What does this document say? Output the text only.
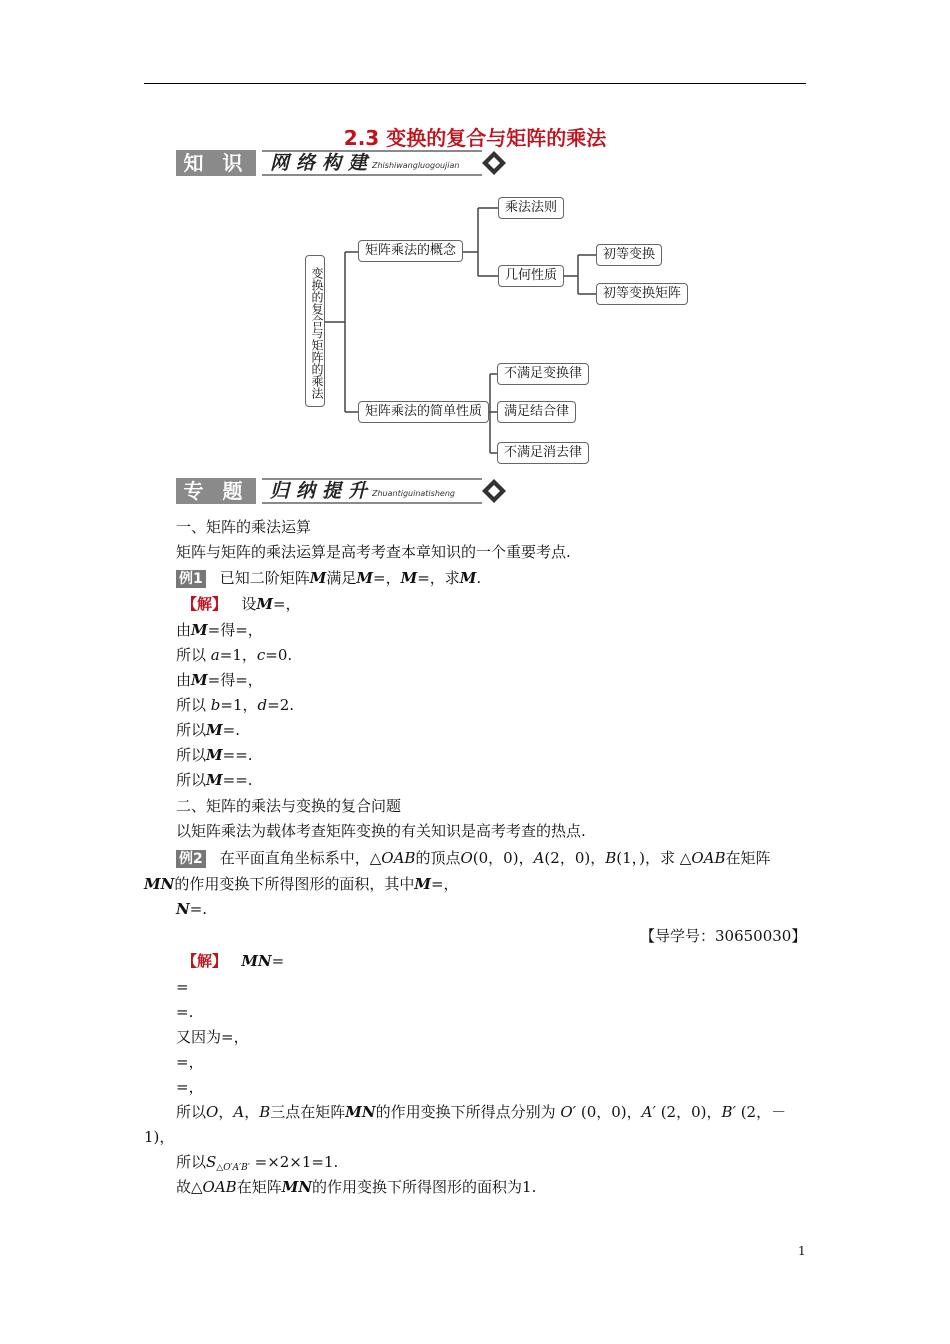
2.3 变换的复合与矩阵的乘法
知 识	网络构建
Zhishiwangluogoujian
变换的复合与矩阵的乘法
矩阵乘法的概念
乘法法则
几何性质
初等变换
初等变换矩阵
矩阵乘法的简单性质
不满足变换律
满足结合律
不满足消去律
专 题	归纳提升
Zhuantiguinatisheng
一、矩阵的乘法运算
矩阵与矩阵的乘法运算是高考考查本章知识的一个重要考点.
例1 已知二阶矩阵M满足M=，M=，求M.
【解】 设M=，
由M=得=，
所以 a=1，c=0.
由M=得=，
所以 b=1，d=2.
所以M=.
所以M==.
所以M==.
二、矩阵的乘法与变换的复合问题
以矩阵乘法为载体考查矩阵变换的有关知识是高考考查的热点.
例2 在平面直角坐标系中，△OAB的顶点O(0，0)，A(2，0)，B(1，)，求 △OAB在矩阵
MN的作用变换下所得图形的面积，其中M=，
N=.
【导学号：30650030】
【解】 MN=
=
=.
又因为=，
=，
=，
所以O，A，B三点在矩阵MN的作用变换下所得点分别为 O′ (0，0)，A′ (2，0)，B′ (2，－
1)，
所以$S_{\triangle O'A'B'} =\times 2\times 1=1$.
故△OAB在矩阵MN的作用变换下所得图形的面积为1.
1
